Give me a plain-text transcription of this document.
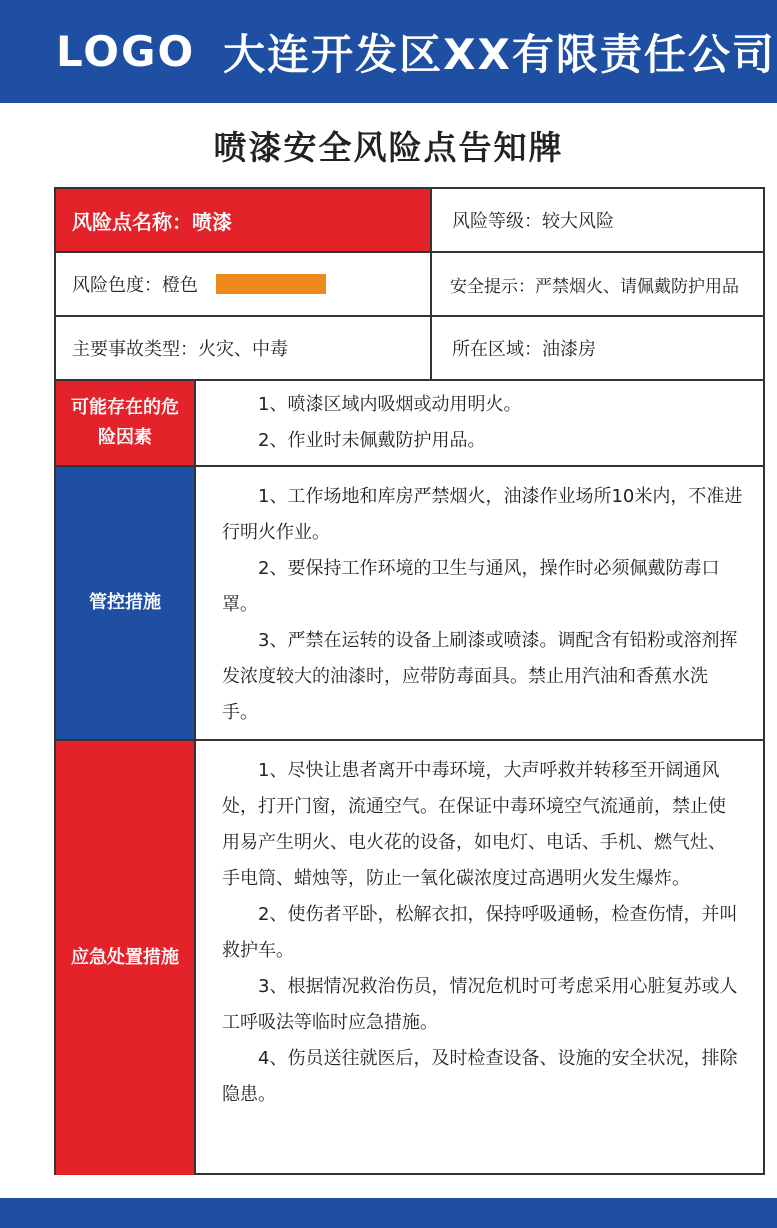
LOGO 大连开发区XX有限责任公司
喷漆安全风险点告知牌
风险点名称：喷漆	风险等级：较大风险
风险色度：橙色	安全提示：严禁烟火、请佩戴防护用品
主要事故类型：火灾、中毒	所在区域：油漆房
可能存在的危险因素

1、喷漆区域内吸烟或动用明火。

2、作业时未佩戴防护用品。

管控措施

1、工作场地和库房严禁烟火，油漆作业场所10米内，不准进行明火作业。

2、要保持工作环境的卫生与通风，操作时必须佩戴防毒口罩。

3、严禁在运转的设备上刷漆或喷漆。调配含有铅粉或溶剂挥发浓度较大的油漆时，应带防毒面具。禁止用汽油和香蕉水洗手。

应急处置措施

1、尽快让患者离开中毒环境，大声呼救并转移至开阔通风处，打开门窗，流通空气。在保证中毒环境空气流通前，禁止使用易产生明火、电火花的设备，如电灯、电话、手机、燃气灶、手电筒、蜡烛等，防止一氧化碳浓度过高遇明火发生爆炸。

2、使伤者平卧，松解衣扣，保持呼吸通畅，检查伤情，并叫救护车。

3、根据情况救治伤员，情况危机时可考虑采用心脏复苏或人工呼吸法等临时应急措施。

4、伤员送往就医后，及时检查设备、设施的安全状况，排除隐患。
